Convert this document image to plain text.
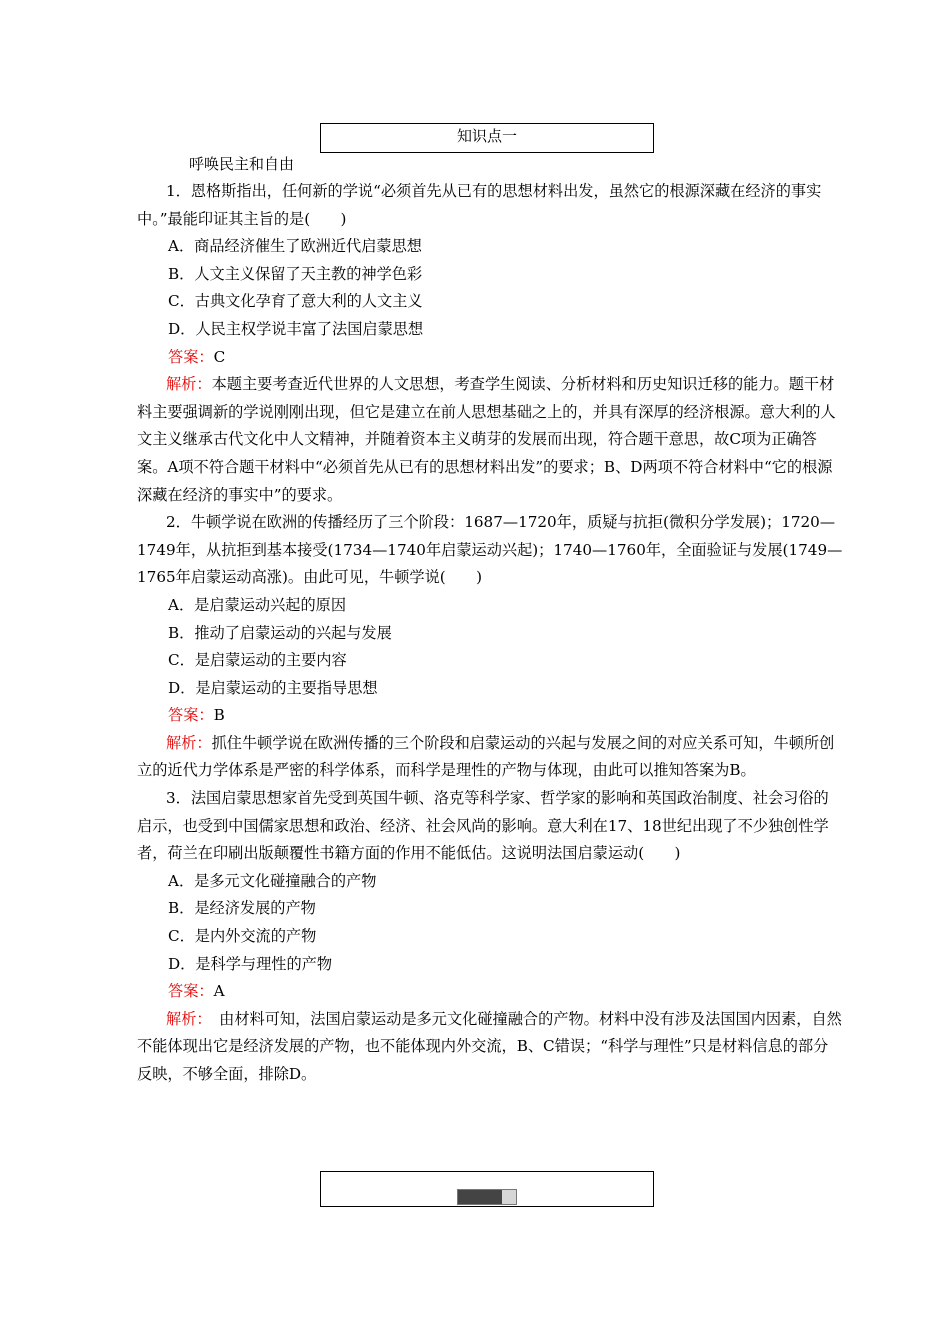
知识点一
呼唤民主和自由

1．恩格斯指出，任何新的学说“必须首先从已有的思想材料出发，虽然它的根源深藏在经济的事实中。”最能印证其主旨的是(　　)

A．商品经济催生了欧洲近代启蒙思想

B．人文主义保留了天主教的神学色彩

C．古典文化孕育了意大利的人文主义

D．人民主权学说丰富了法国启蒙思想

答案：C

解析：本题主要考查近代世界的人文思想，考查学生阅读、分析材料和历史知识迁移的能力。题干材料主要强调新的学说刚刚出现，但它是建立在前人思想基础之上的，并具有深厚的经济根源。意大利的人文主义继承古代文化中人文精神，并随着资本主义萌芽的发展而出现，符合题干意思，故C项为正确答案。A项不符合题干材料中“必须首先从已有的思想材料出发”的要求；B、D两项不符合材料中“它的根源深藏在经济的事实中”的要求。

2．牛顿学说在欧洲的传播经历了三个阶段：1687—1720年，质疑与抗拒(微积分学发展)；1720—1749年，从抗拒到基本接受(1734—1740年启蒙运动兴起)；1740—1760年，全面验证与发展(1749—1765年启蒙运动高涨)。由此可见，牛顿学说(　　)

A．是启蒙运动兴起的原因

B．推动了启蒙运动的兴起与发展

C．是启蒙运动的主要内容

D．是启蒙运动的主要指导思想

答案：B

解析：抓住牛顿学说在欧洲传播的三个阶段和启蒙运动的兴起与发展之间的对应关系可知，牛顿所创立的近代力学体系是严密的科学体系，而科学是理性的产物与体现，由此可以推知答案为B。

3．法国启蒙思想家首先受到英国牛顿、洛克等科学家、哲学家的影响和英国政治制度、社会习俗的启示，也受到中国儒家思想和政治、经济、社会风尚的影响。意大利在17、18世纪出现了不少独创性学者，荷兰在印刷出版颠覆性书籍方面的作用不能低估。这说明法国启蒙运动(　　)

A．是多元文化碰撞融合的产物

B．是经济发展的产物

C．是内外交流的产物

D．是科学与理性的产物

答案：A

解析：　由材料可知，法国启蒙运动是多元文化碰撞融合的产物。材料中没有涉及法国国内因素，自然不能体现出它是经济发展的产物，也不能体现内外交流，B、C错误；“科学与理性”只是材料信息的部分反映，不够全面，排除D。
